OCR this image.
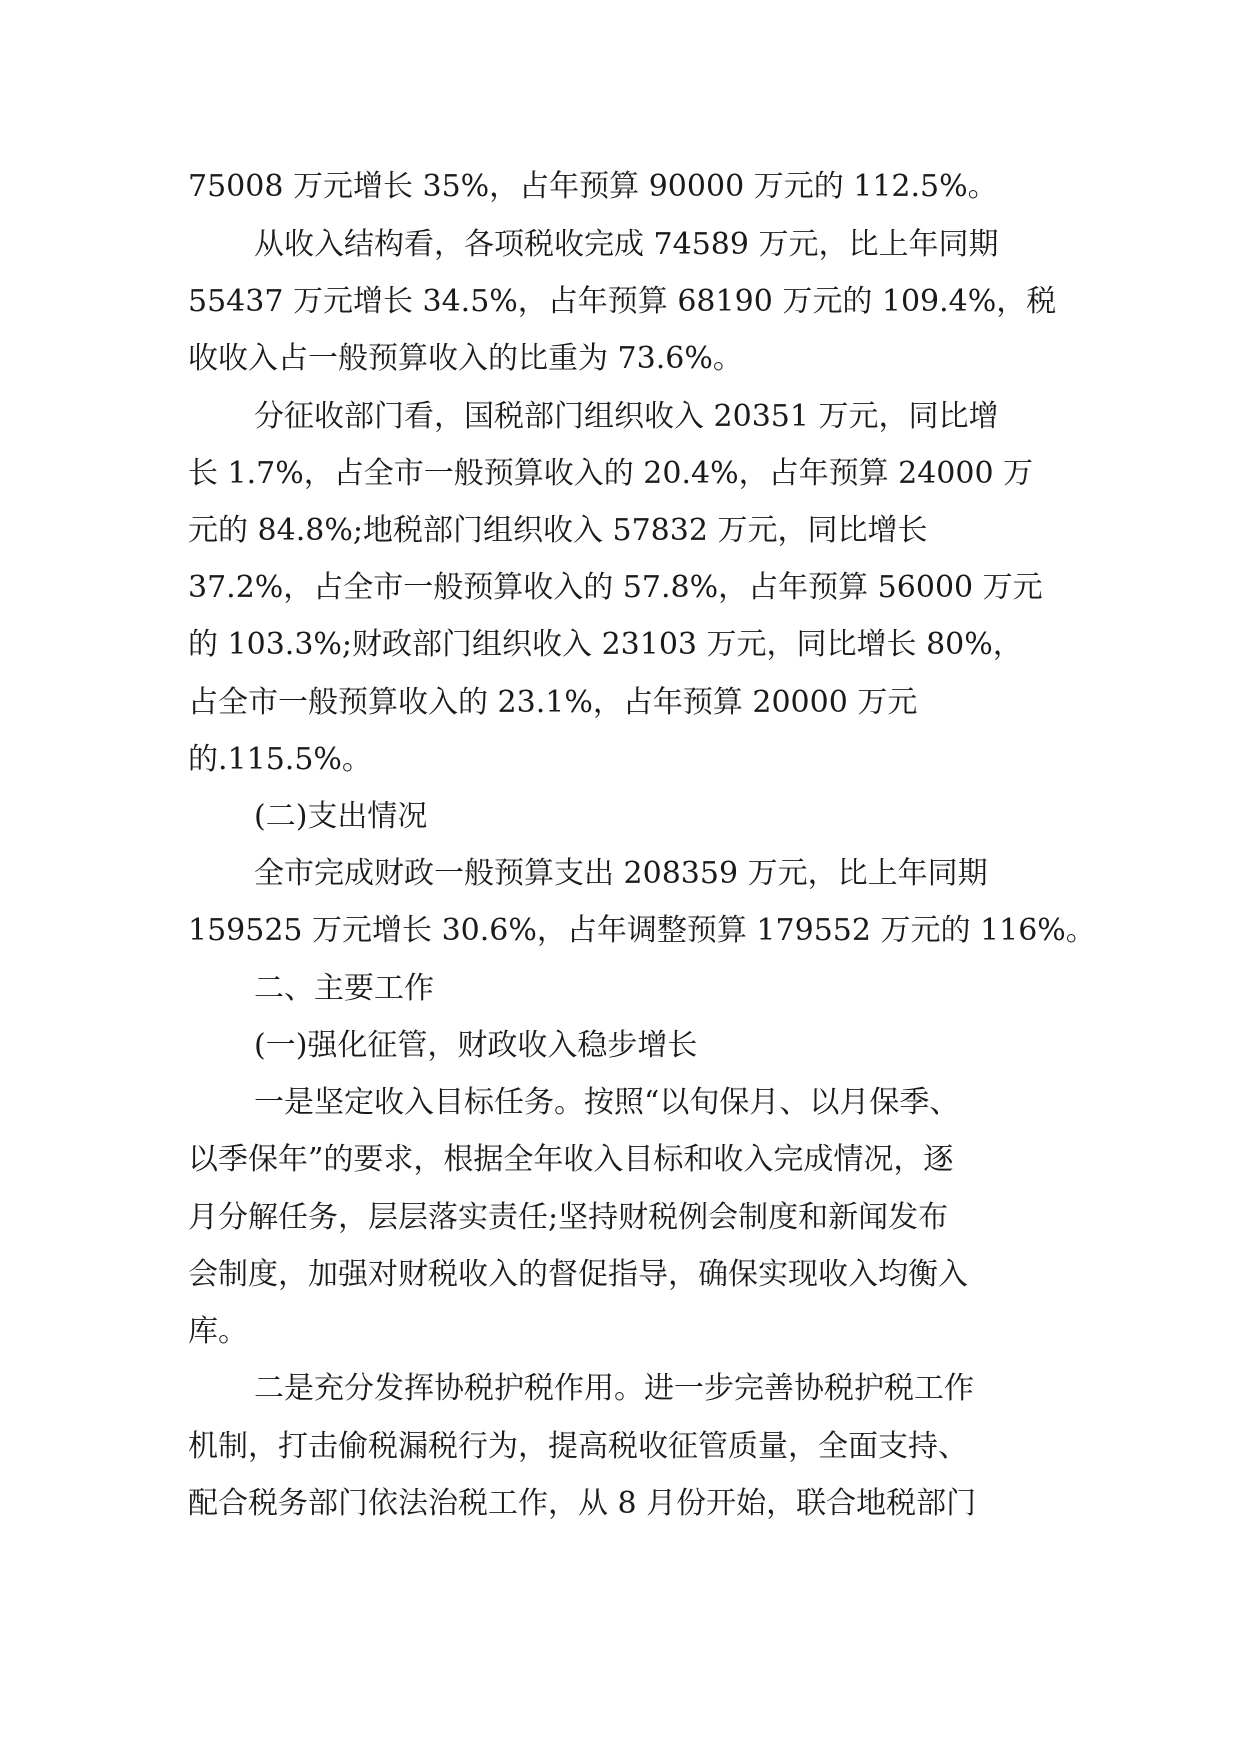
75008 万元增长 35%，占年预算 90000 万元的 112.5%。
从收入结构看，各项税收完成 74589 万元，比上年同期
55437 万元增长 34.5%，占年预算 68190 万元的 109.4%，税
收收入占一般预算收入的比重为 73.6%。
分征收部门看，国税部门组织收入 20351 万元，同比增
长 1.7%，占全市一般预算收入的 20.4%，占年预算 24000 万
元的 84.8%;地税部门组织收入 57832 万元，同比增长
37.2%，占全市一般预算收入的 57.8%，占年预算 56000 万元
的 103.3%;财政部门组织收入 23103 万元，同比增长 80%，
占全市一般预算收入的 23.1%，占年预算 20000 万元
的.115.5%。
(二)支出情况
全市完成财政一般预算支出 208359 万元，比上年同期
159525 万元增长 30.6%，占年调整预算 179552 万元的 116%。
二、主要工作
(一)强化征管，财政收入稳步增长
一是坚定收入目标任务。按照“以旬保月、以月保季、
以季保年”的要求，根据全年收入目标和收入完成情况，逐
月分解任务，层层落实责任;坚持财税例会制度和新闻发布
会制度，加强对财税收入的督促指导，确保实现收入均衡入
库。
二是充分发挥协税护税作用。进一步完善协税护税工作
机制，打击偷税漏税行为，提高税收征管质量，全面支持、
配合税务部门依法治税工作，从 8 月份开始，联合地税部门
